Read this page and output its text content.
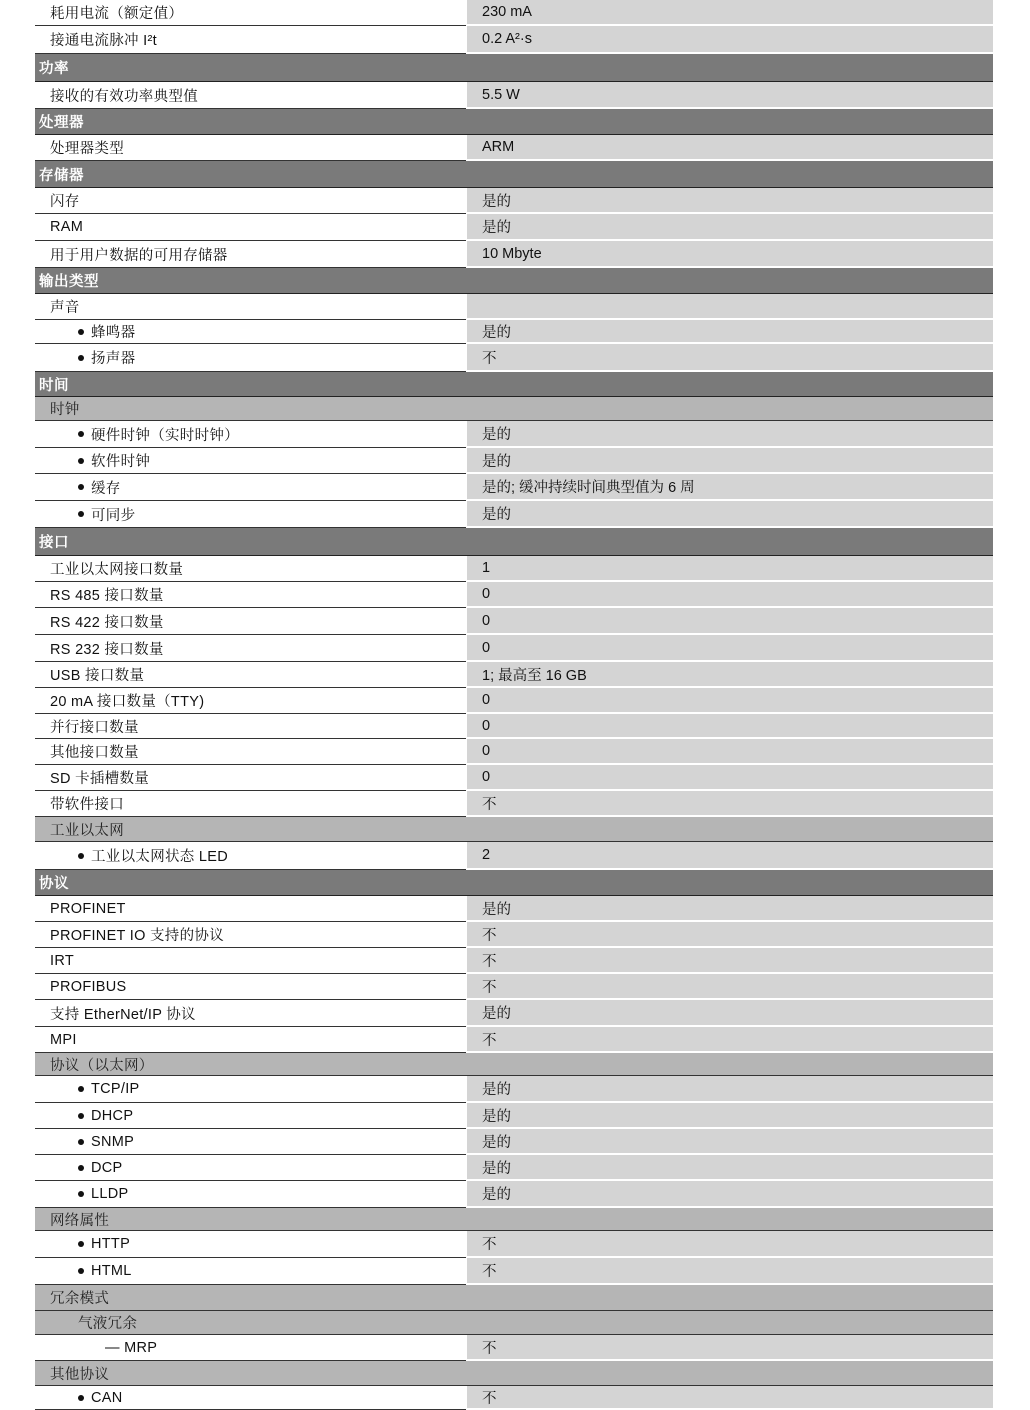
耗用电流（额定值）	230 mA
接通电流脉冲 I²t	0.2 A²·s
功率
接收的有效功率典型值	5.5 W
处理器
处理器类型	ARM
存储器
闪存	是的
RAM	是的
用于用户数据的可用存储器	10 Mbyte
输出类型
声音
蜂鸣器	是的
扬声器	不
时间
时钟
硬件时钟（实时时钟）	是的
软件时钟	是的
缓存	是的; 缓冲持续时间典型值为 6 周
可同步	是的
接口
工业以太网接口数量	1
RS 485 接口数量	0
RS 422 接口数量	0
RS 232 接口数量	0
USB 接口数量	1; 最高至 16 GB
20 mA 接口数量（TTY)	0
并行接口数量	0
其他接口数量	0
SD 卡插槽数量	0
带软件接口	不
工业以太网
工业以太网状态 LED	2
协议
PROFINET	是的
PROFINET IO 支持的协议	不
IRT	不
PROFIBUS	不
支持 EtherNet/IP 协议	是的
MPI	不
协议（以太网）
TCP/IP	是的
DHCP	是的
SNMP	是的
DCP	是的
LLDP	是的
网络属性
HTTP	不
HTML	不
冗余模式
气液冗余
— MRP	不
其他协议
CAN	不
